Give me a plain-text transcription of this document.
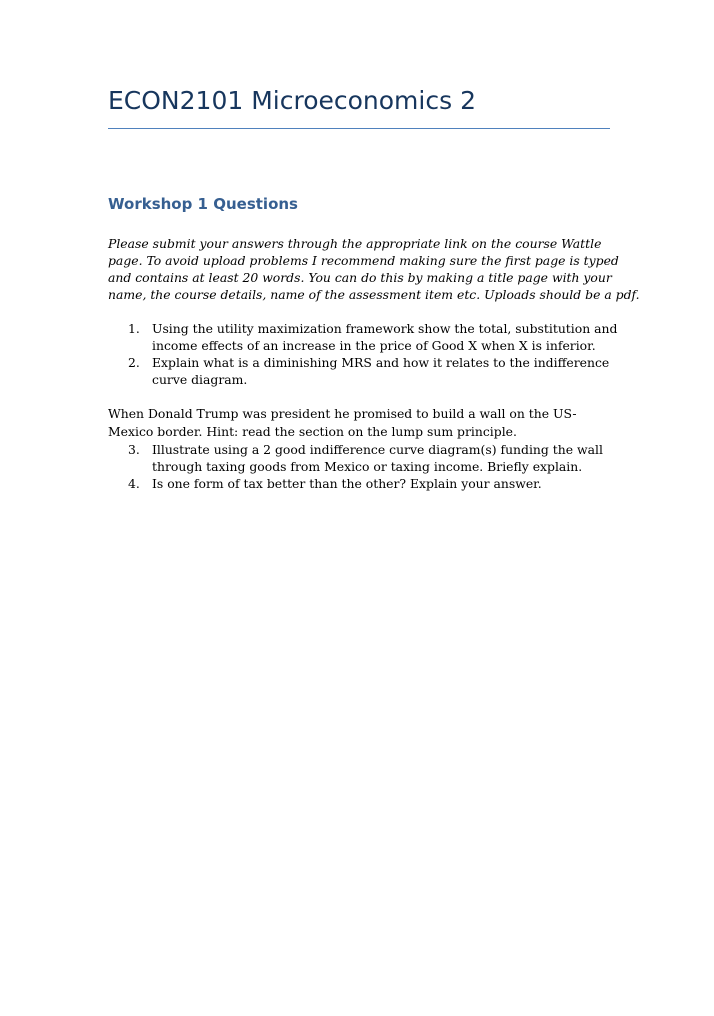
ECON2101 Microeconomics 2
Workshop 1 Questions

Please submit your answers through the appropriate link on the course Wattle
page. To avoid upload problems I recommend making sure the first page is typed
and contains at least 20 words. You can do this by making a title page with your
name, the course details, name of the assessment item etc. Uploads should be a pdf.

1. Using the utility maximization framework show the total, substitution and
income effects of an increase in the price of Good X when X is inferior.
2. Explain what is a diminishing MRS and how it relates to the indifference
curve diagram.

When Donald Trump was president he promised to build a wall on the US-
Mexico border. Hint: read the section on the lump sum principle.

3. Illustrate using a 2 good indifference curve diagram(s) funding the wall
through taxing goods from Mexico or taxing income. Briefly explain.
4. Is one form of tax better than the other? Explain your answer.
